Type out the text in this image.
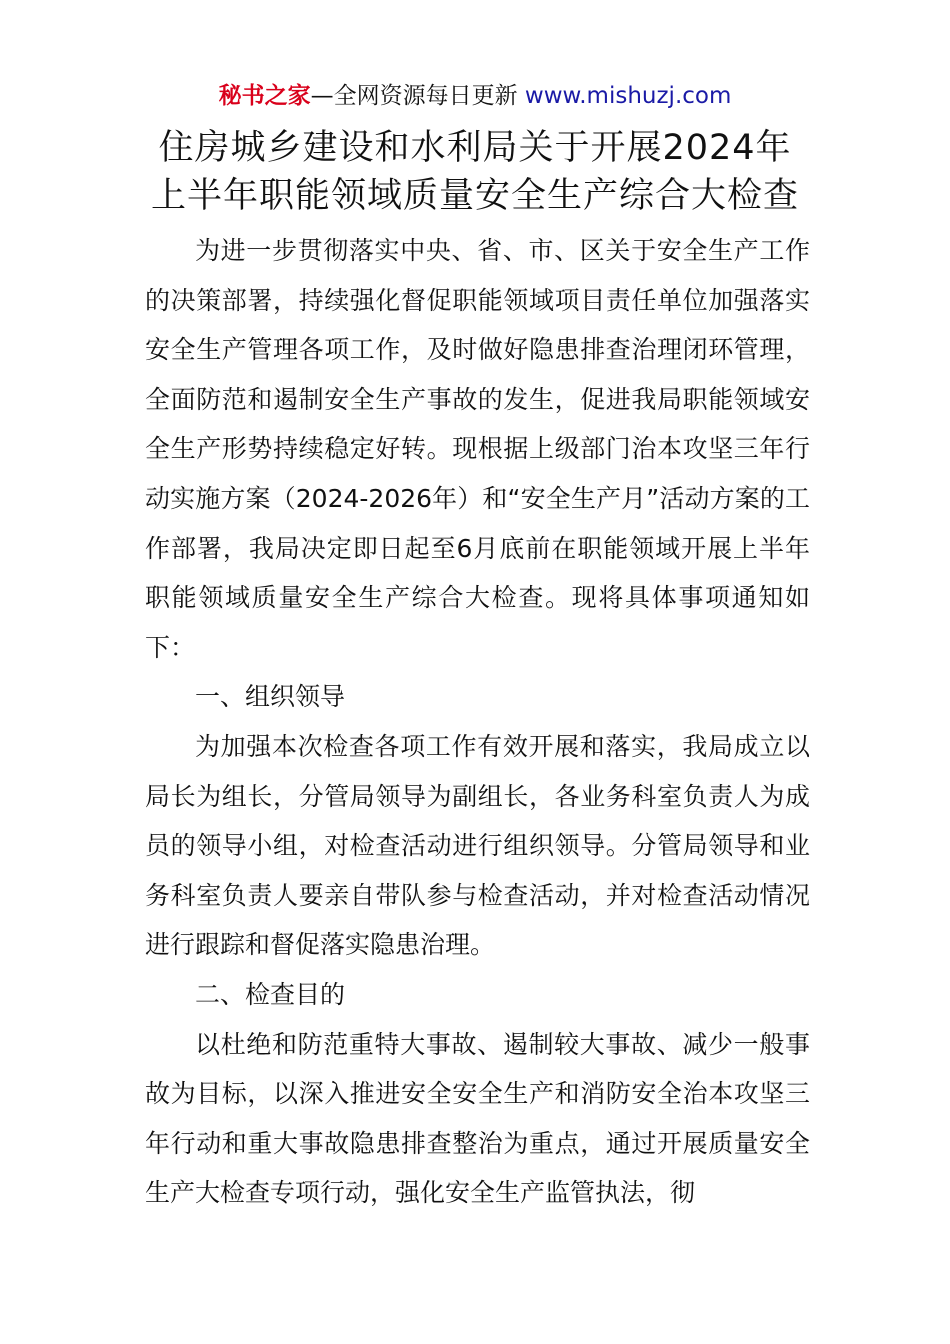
秘书之家—全网资源每日更新 www.mishuzj.com
住房城乡建设和水利局关于开展2024年
上半年职能领域质量安全生产综合大检查

为进一步贯彻落实中央、省、市、区关于安全生产工作的决策部署，持续强化督促职能领域项目责任单位加强落实安全生产管理各项工作，及时做好隐患排查治理闭环管理，全面防范和遏制安全生产事故的发生，促进我局职能领域安全生产形势持续稳定好转。现根据上级部门治本攻坚三年行动实施方案（2024-2026年）和“安全生产月”活动方案的工作部署，我局决定即日起至6月底前在职能领域开展上半年职能领域质量安全生产综合大检查。现将具体事项通知如下：

一、组织领导

为加强本次检查各项工作有效开展和落实，我局成立以局长为组长，分管局领导为副组长，各业务科室负责人为成员的领导小组，对检查活动进行组织领导。分管局领导和业务科室负责人要亲自带队参与检查活动，并对检查活动情况进行跟踪和督促落实隐患治理。

二、检查目的

以杜绝和防范重特大事故、遏制较大事故、减少一般事故为目标，以深入推进安全安全生产和消防安全治本攻坚三年行动和重大事故隐患排查整治为重点，通过开展质量安全生产大检查专项行动，强化安全生产监管执法，彻
